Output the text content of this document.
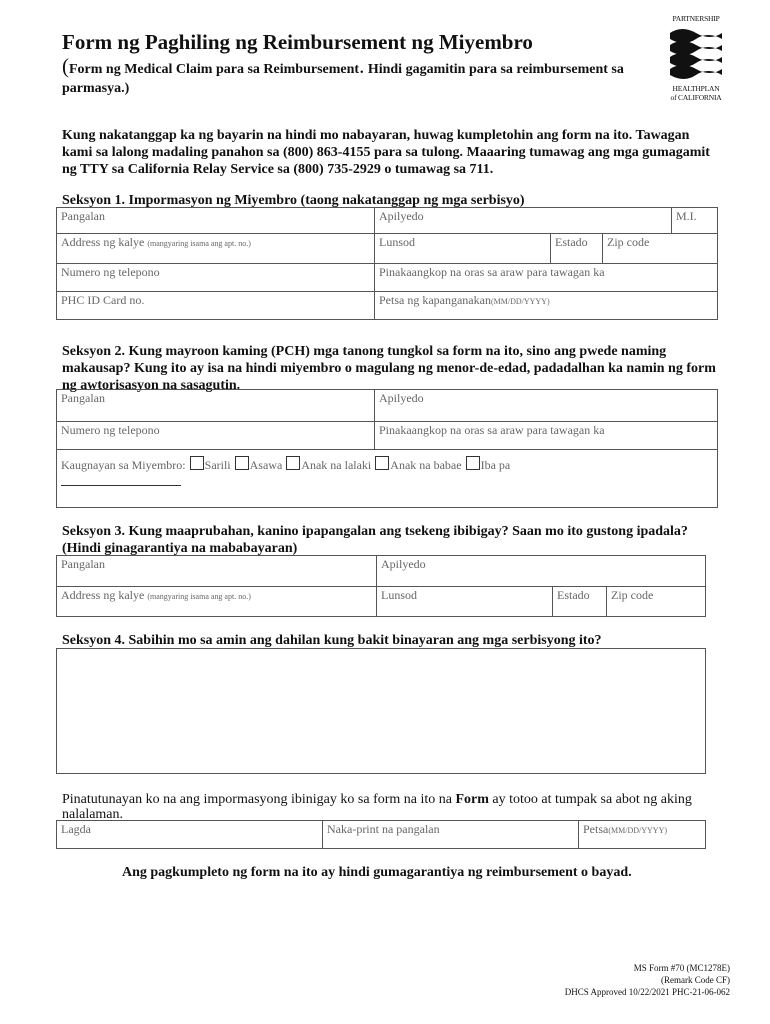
Form ng Paghiling ng Reimbursement ng Miyembro
(Form ng Medical Claim para sa Reimbursement. Hindi gagamitin para sa reimbursement sa parmasya.)
PARTNERSHIP
HEALTHPLAN
of CALIFORNIA
Kung nakatanggap ka ng bayarin na hindi mo nabayaran, huwag kumpletohin ang form na ito. Tawagan kami sa lalong madaling panahon sa (800) 863-4155 para sa tulong. Maaaring tumawag ang mga gumagamit ng TTY sa California Relay Service sa (800) 735-2929 o tumawag sa 711.
Seksyon 1. Impormasyon ng Miyembro (taong nakatanggap ng mga serbisyo)
Pangalan	Apilyedo			M.I.
Address ng kalye (mangyaring isama ang apt. no.)	Lunsod	Estado	Zip code	
Numero ng telepono	Pinakaangkop na oras sa araw para tawagan ka			
PHC ID Card no.	Petsa ng kapanganakan(MM/DD/YYYY)			
Seksyon 2. Kung mayroon kaming (PCH) mga tanong tungkol sa form na ito, sino ang pwede naming makausap? Kung ito ay isa na hindi miyembro o magulang ng menor-de-edad, padadalhan ka namin ng form ng awtorisasyon na sasagutin.
Pangalan	Apilyedo
Numero ng telepono	Pinakaangkop na oras sa araw para tawagan ka
Kaugnayan sa Miyembro: Sarili Asawa Anak na lalaki Anak na babae Iba pa	

Seksyon 3. Kung maaprubahan, kanino ipapangalan ang tsekeng ibibigay? Saan mo ito gustong ipadala? (Hindi ginagarantiya na mababayaran)
Pangalan	Apilyedo		
Address ng kalye (mangyaring isama ang apt. no.)	Lunsod	Estado	Zip code
Seksyon 4. Sabihin mo sa amin ang dahilan kung bakit binayaran ang mga serbisyong ito?
Pinatutunayan ko na ang impormasyong ibinigay ko sa form na ito na Form ay totoo at tumpak sa abot ng aking nalalaman.
Lagda	Naka-print na pangalan	Petsa(MM/DD/YYYY)
Ang pagkumpleto ng form na ito ay hindi gumagarantiya ng reimbursement o bayad.
MS Form #70 (MC1278E)
(Remark Code CF)
DHCS Approved 10/22/2021 PHC-21-06-062
